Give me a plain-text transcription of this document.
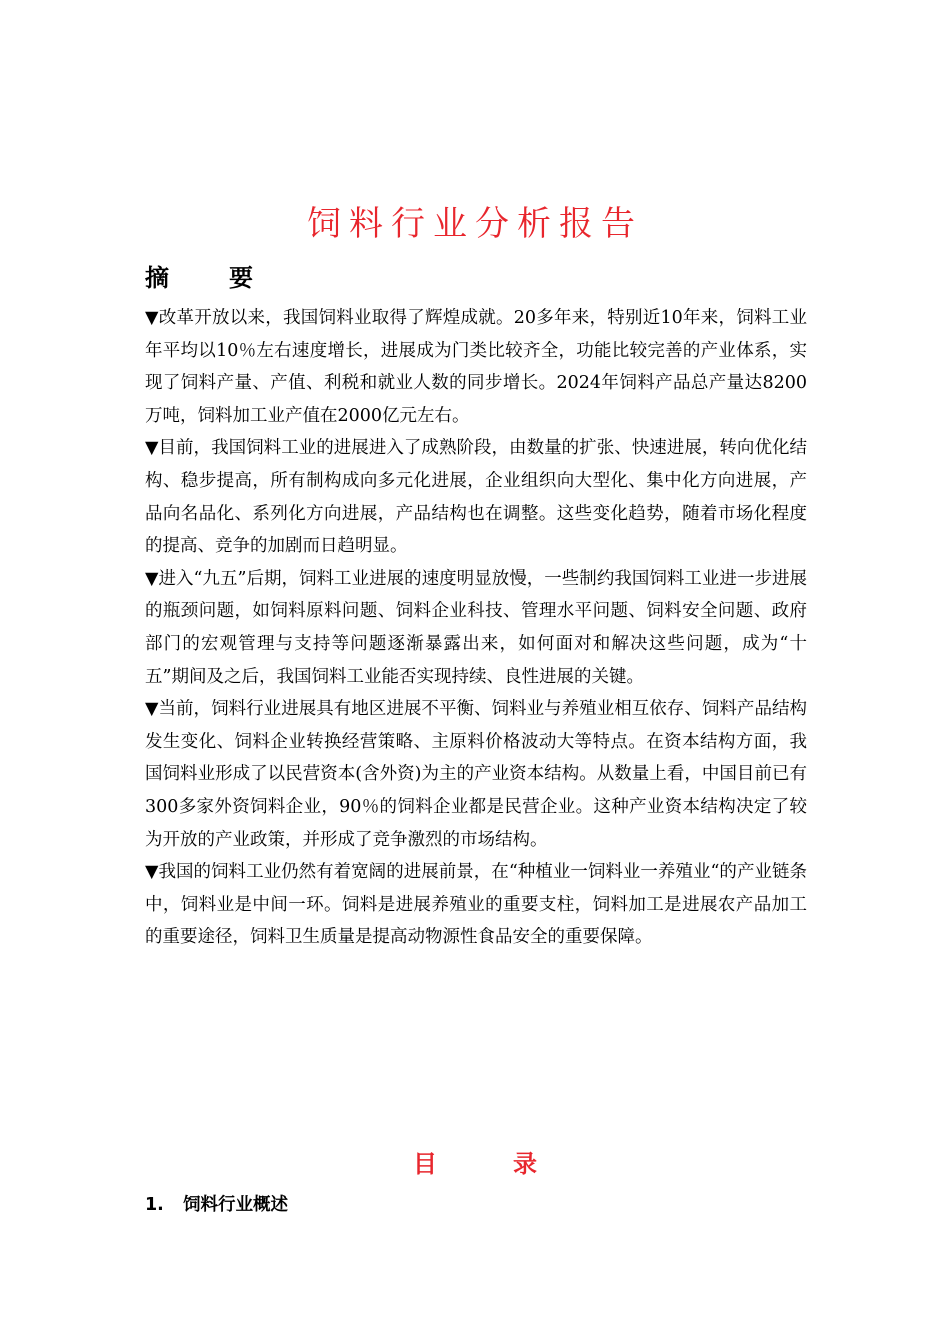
饲料行业分析报告
摘　要

▼改革开放以来，我国饲料业取得了辉煌成就。20多年来，特别近10年来，饲料工业年平均以10％左右速度增长，进展成为门类比较齐全，功能比较完善的产业体系，实现了饲料产量、产值、利税和就业人数的同步增长。2024年饲料产品总产量达8200万吨，饲料加工业产值在2000亿元左右。

▼目前，我国饲料工业的进展进入了成熟阶段，由数量的扩张、快速进展，转向优化结构、稳步提高，所有制构成向多元化进展，企业组织向大型化、集中化方向进展，产品向名品化、系列化方向进展，产品结构也在调整。这些变化趋势，随着市场化程度的提高、竞争的加剧而日趋明显。

▼进入“九五”后期，饲料工业进展的速度明显放慢，一些制约我国饲料工业进一步进展的瓶颈问题，如饲料原料问题、饲料企业科技、管理水平问题、饲料安全问题、政府部门的宏观管理与支持等问题逐渐暴露出来，如何面对和解决这些问题，成为“十五”期间及之后，我国饲料工业能否实现持续、良性进展的关键。

▼当前，饲料行业进展具有地区进展不平衡、饲料业与养殖业相互依存、饲料产品结构发生变化、饲料企业转换经营策略、主原料价格波动大等特点。在资本结构方面，我国饲料业形成了以民营资本(含外资)为主的产业资本结构。从数量上看，中国目前已有300多家外资饲料企业，90％的饲料企业都是民营企业。这种产业资本结构决定了较为开放的产业政策，并形成了竞争激烈的市场结构。

▼我国的饲料工业仍然有着宽阔的进展前景，在“种植业一饲料业一养殖业“的产业链条中，饲料业是中间一环。饲料是进展养殖业的重要支柱，饲料加工是进展农产品加工的重要途径，饲料卫生质量是提高动物源性食品安全的重要保障。

目　录
1. 饲料行业概述
